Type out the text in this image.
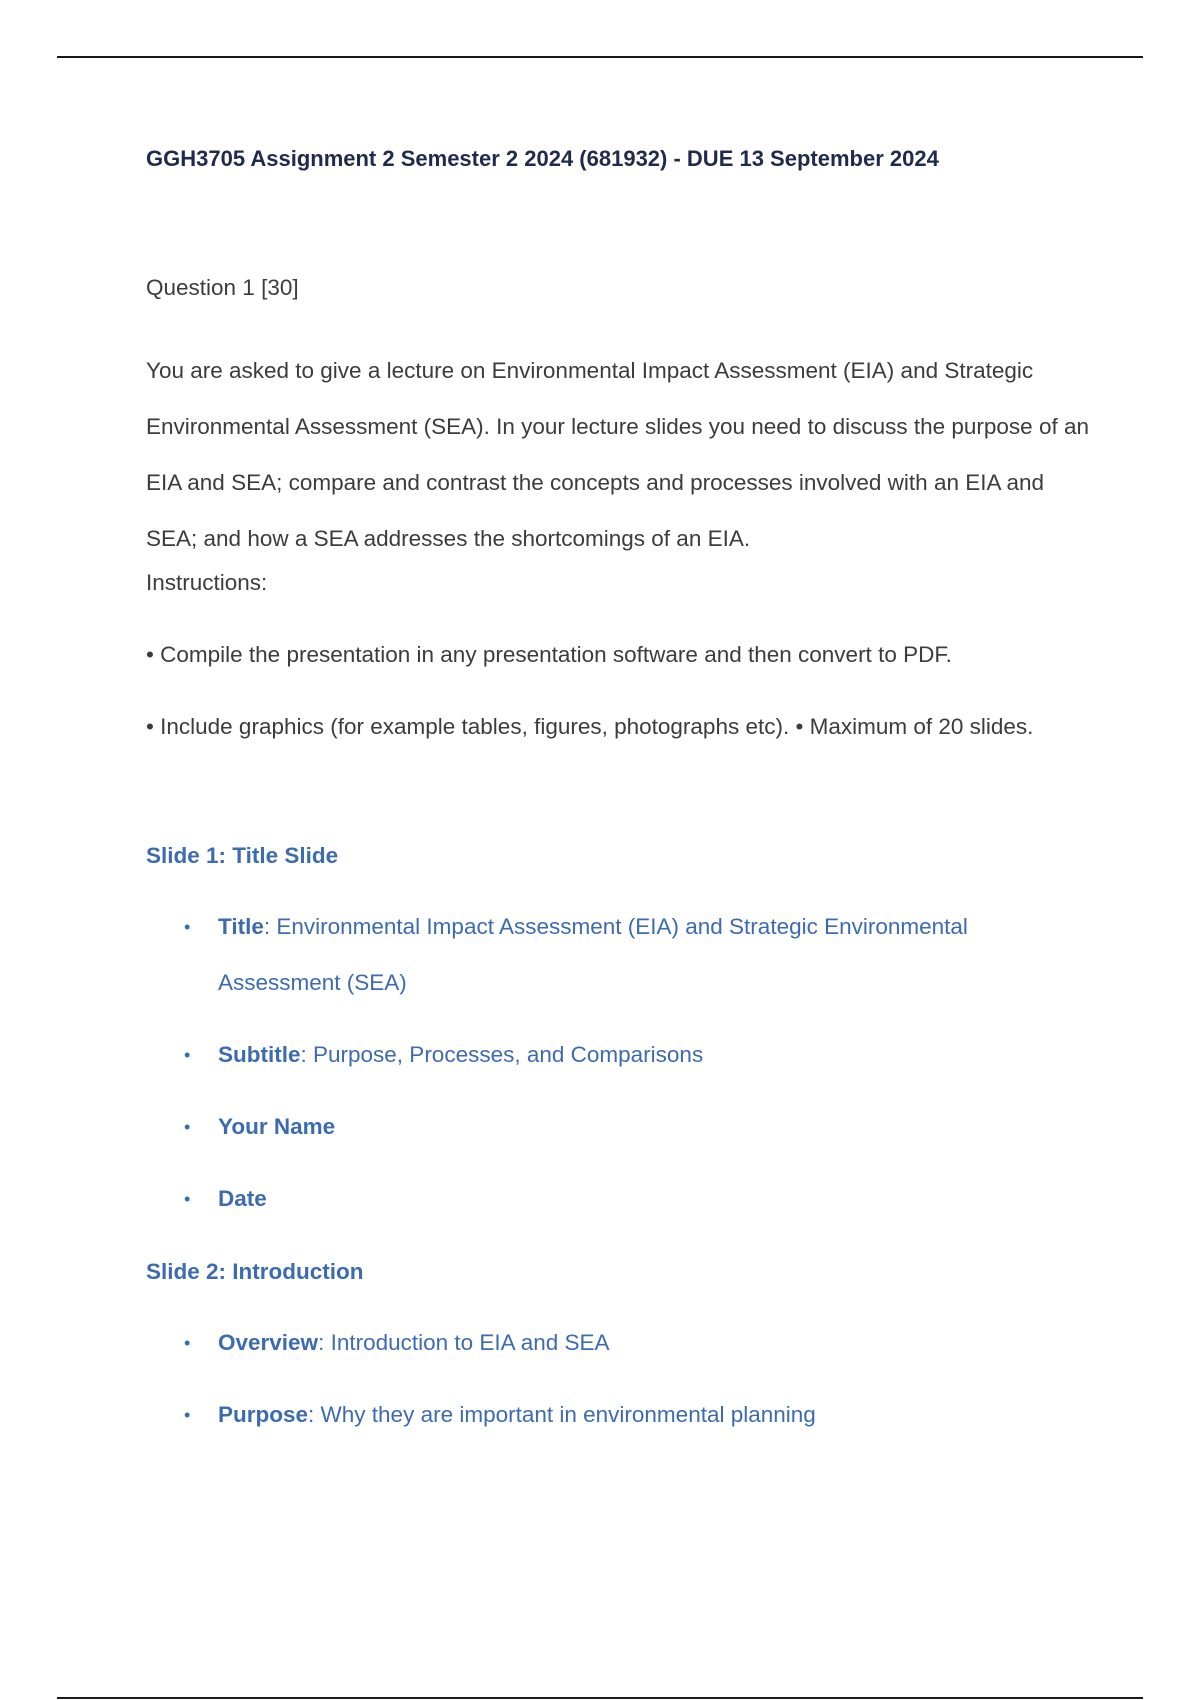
GGH3705 Assignment 2 Semester 2 2024 (681932) - DUE 13 September 2024
Question 1 [30]
You are asked to give a lecture on Environmental Impact Assessment (EIA) and Strategic Environmental Assessment (SEA). In your lecture slides you need to discuss the purpose of an EIA and SEA; compare and contrast the concepts and processes involved with an EIA and SEA; and how a SEA addresses the shortcomings of an EIA.
Instructions:
• Compile the presentation in any presentation software and then convert to PDF.
• Include graphics (for example tables, figures, photographs etc). • Maximum of 20 slides.
Slide 1: Title Slide
•	Title: Environmental Impact Assessment (EIA) and Strategic Environmental Assessment (SEA)
•	Subtitle: Purpose, Processes, and Comparisons
•	Your Name
•	Date
Slide 2: Introduction
•	Overview: Introduction to EIA and SEA
•	Purpose: Why they are important in environmental planning
